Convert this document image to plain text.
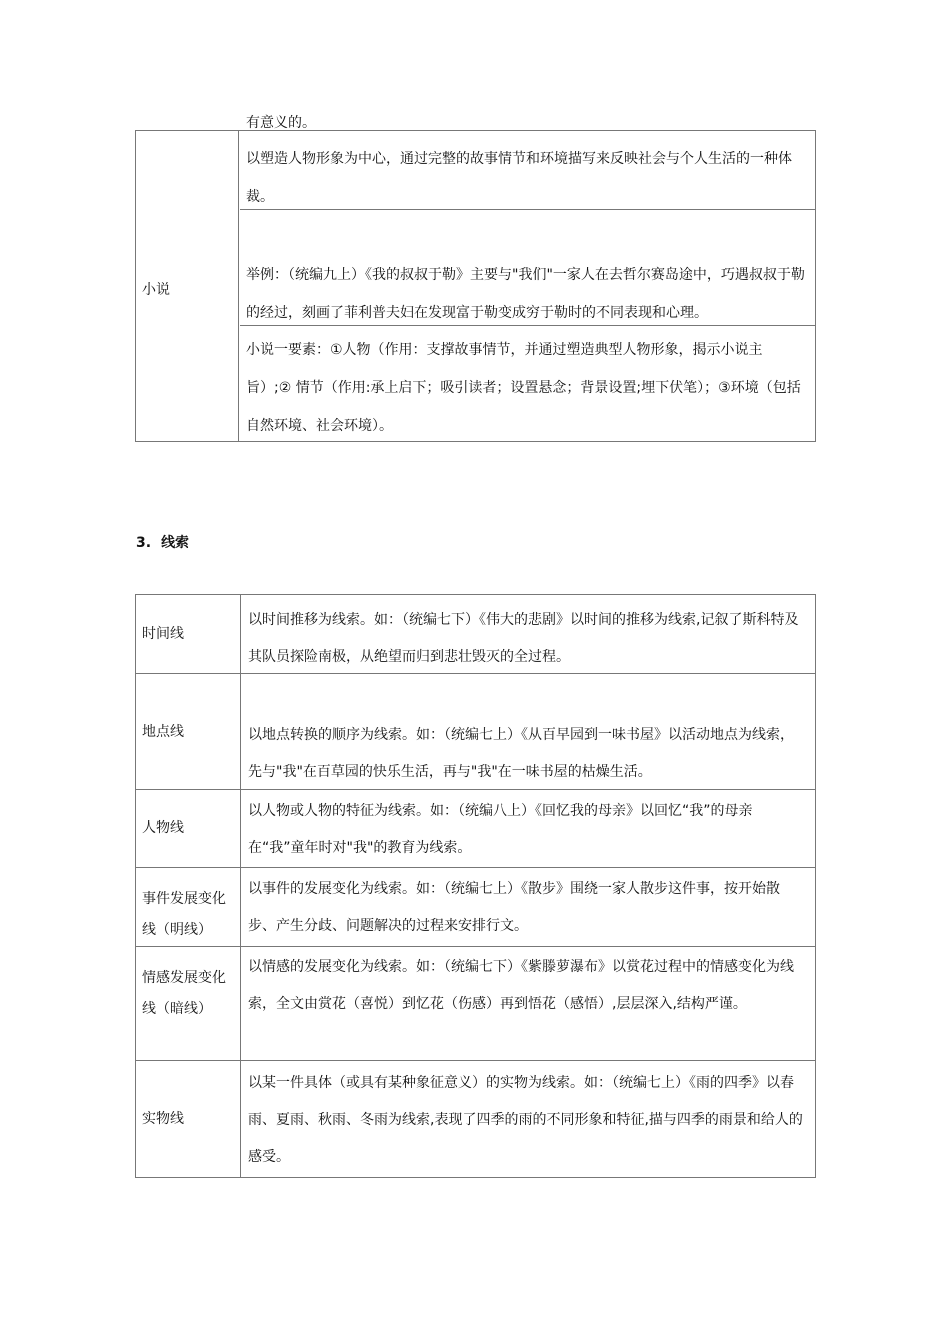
有意义的。
小说
以塑造人物形象为中心，通过完整的故事情节和环境描写来反映社会与个人生活的一种体裁。
举例：（统编九上）《我的叔叔于勒》主要与"我们"一家人在去哲尔赛岛途中，巧遇叔叔于勒的经过，刻画了菲利普夫妇在发现富于勒变成穷于勒时的不同表现和心理。
小说一要素：①人物（作用：支撑故事情节，并通过塑造典型人物形象，揭示小说主旨）;② 情节（作用:承上启下；吸引读者；设置悬念；背景设置;埋下伏笔）；③环境（包括自然环境、社会环境）。
3. 线索
时间线
以时间推移为线索。如：（统编七下）《伟大的悲剧》以时间的推移为线索,记叙了斯科特及其队员探险南极，从绝望而归到悲壮毁灭的全过程。
地点线	以地点转换的顺序为线索。如：（统编七上）《从百早园到一味书屋》以活动地点为线索，先与"我"在百草园的快乐生活，再与"我"在一味书屋的枯燥生活。
人物线
以人物或人物的特征为线索。如：（统编八上）《回忆我的母亲》以回忆“我”的母亲在“我”童年时对"我"的教育为线索。
事件发展变化线（明线）
以事件的发展变化为线索。如：（统编七上）《散步》围绕一家人散步这件事，按开始散步、产生分歧、问题解决的过程来安排行文。
情感发展变化线（暗线）
以情感的发展变化为线索。如：（统编七下）《紫滕萝瀑布》以赏花过程中的情感变化为线索，全文由赏花（喜悦）到忆花（伤感）再到悟花（感悟）,层层深入,结构严谨。
实物线
以某一件具体（或具有某种象征意义）的实物为线索。如：（统编七上）《雨的四季》以春雨、夏雨、秋雨、冬雨为线索,表现了四季的雨的不同形象和特征,描与四季的雨景和给人的感受。
